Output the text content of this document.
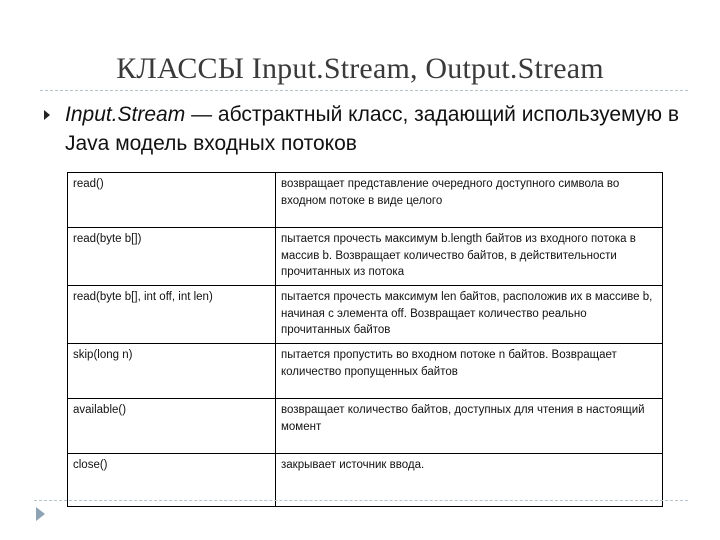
КЛАССЫ Input.Stream, Output.Stream
Input.Stream — абстрактный класс, задающий используемую в Java модель входных потоков
read()	возвращает представление очередного доступного символа во входном потоке в виде целого
read(byte b[])	пытается прочесть максимум b.length байтов из входного потока в массив b. Возвращает количество байтов, в действительности прочитанных из потока
read(byte b[], int off, int len)	пытается прочесть максимум len байтов, расположив их в массиве b, начиная с элемента off. Возвращает количество реально прочитанных байтов
skip(long n)	пытается пропустить во входном потоке n байтов. Возвращает количество пропущенных байтов
available()	возвращает количество байтов, доступных для чтения в настоящий момент
close()	закрывает источник ввода.
